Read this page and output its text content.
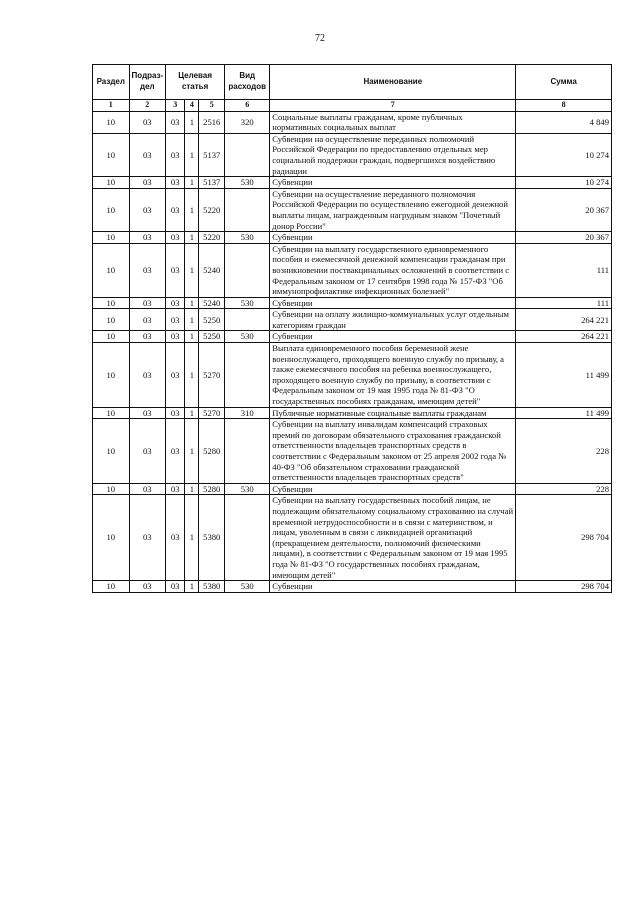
72
Раздел	Подраз-дел	Целевая статья			Вид расходов	Наименование	Сумма
1	2	3	4	5	6	7	8
10	03	03	1	2516	320	Социальные выплаты гражданам, кроме публичных нормативных социальных выплат	4 849
10	03	03	1	5137		Субвенции на осуществление переданных полномочий Российской Федерации по предоставлению отдельных мер социальной поддержки граждан, подвергшихся воздействию радиации	10 274
10	03	03	1	5137	530	Субвенции	10 274
10	03	03	1	5220		Субвенции на осуществление переданного полномочия Российской Федерации по осуществлению ежегодной денежной выплаты лицам, награжденным нагрудным знаком "Почетный донор России"	20 367
10	03	03	1	5220	530	Субвенции	20 367
10	03	03	1	5240		Субвенции на выплату государственного единовременного пособия и ежемесячной денежной компенсации гражданам при возникновении поствакцинальных осложнений в соответствии с Федеральным законом от 17 сентября 1998 года № 157-ФЗ "Об иммунопрофилактике инфекционных болезней"	111
10	03	03	1	5240	530	Субвенции	111
10	03	03	1	5250		Субвенции на оплату жилищно-коммунальных услуг отдельным категориям граждан	264 221
10	03	03	1	5250	530	Субвенции	264 221
10	03	03	1	5270		Выплата единовременного пособия беременной жене военнослужащего, проходящего военную службу по призыву, а также ежемесячного пособия на ребенка военнослужащего, проходящего военную службу по призыву, в соответствии с Федеральным законом от 19 мая 1995 года № 81-ФЗ "О государственных пособиях гражданам, имеющим детей"	11 499
10	03	03	1	5270	310	Публичные нормативные социальные выплаты гражданам	11 499
10	03	03	1	5280		Субвенции на выплату инвалидам компенсаций страховых премий по договорам обязательного страхования гражданской ответственности владельцев транспортных средств в соответствии с Федеральным законом от 25 апреля 2002 года № 40-ФЗ "Об обязательном страховании гражданской ответственности владельцев транспортных средств"	228
10	03	03	1	5280	530	Субвенции	228
10	03	03	1	5380		Субвенции на выплату государственных пособий лицам, не подлежащим обязательному социальному страхованию на случай временной нетрудоспособности и в связи с материнством, и лицам, уволенным в связи с ликвидацией организаций (прекращением деятельности, полномочий физическими лицами), в соответствии с Федеральным законом от 19 мая 1995 года № 81-ФЗ "О государственных пособиях гражданам, имеющим детей"	298 704
10	03	03	1	5380	530	Субвенции	298 704
